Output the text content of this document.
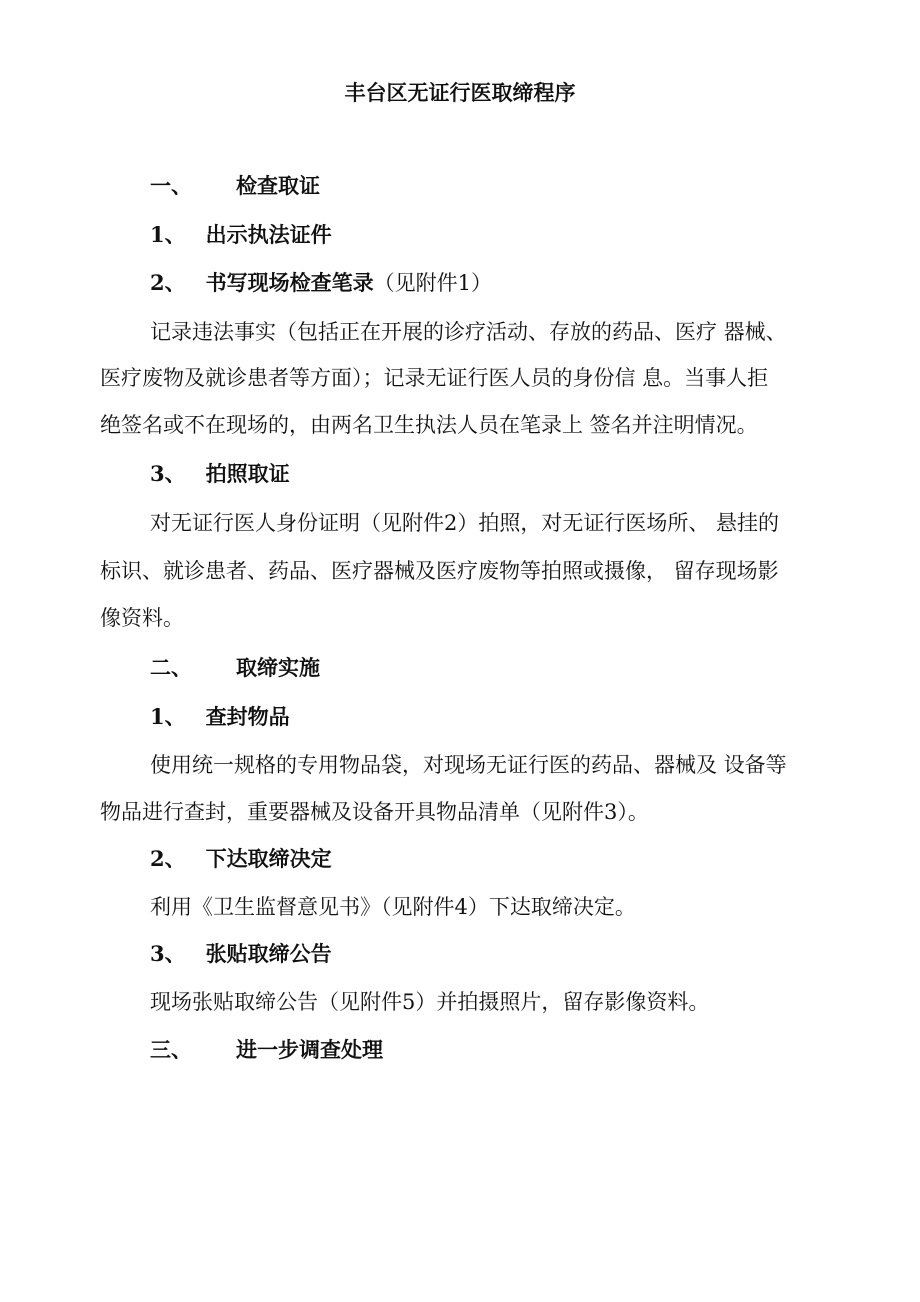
丰台区无证行医取缔程序
一、 检查取证
1、 出示执法证件
2、 书写现场检查笔录（见附件1）
记录违法事实（包括正在开展的诊疗活动、存放的药品、医疗 器械、
医疗废物及就诊患者等方面）；记录无证行医人员的身份信 息。当事人拒
绝签名或不在现场的，由两名卫生执法人员在笔录上 签名并注明情况。
3、 拍照取证
对无证行医人身份证明（见附件2）拍照，对无证行医场所、 悬挂的
标识、就诊患者、药品、医疗器械及医疗废物等拍照或摄像， 留存现场影
像资料。
二、 取缔实施
1、 查封物品
使用统一规格的专用物品袋，对现场无证行医的药品、器械及 设备等
物品进行查封，重要器械及设备开具物品清单（见附件3）。
2、 下达取缔决定
利用《卫生监督意见书》（见附件4）下达取缔决定。
3、 张贴取缔公告
现场张贴取缔公告（见附件5）并拍摄照片，留存影像资料。
三、 进一步调查处理
